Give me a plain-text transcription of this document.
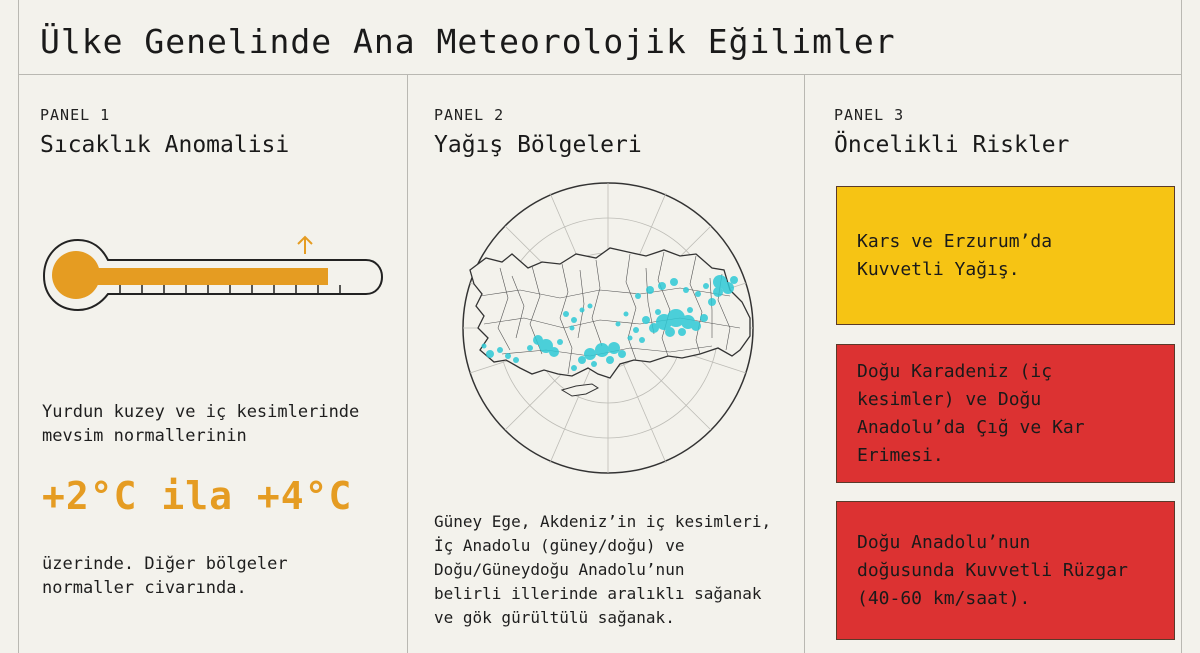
Ülke Genelinde Ana Meteorolojik Eğilimler
PANEL 1
Sıcaklık Anomalisi
Yurdun kuzey ve iç kesimlerinde
mevsim normallerinin
+2°C ila +4°C
üzerinde. Diğer bölgeler
normaller civarında.
PANEL 2
Yağış Bölgeleri
Güney Ege, Akdeniz’in iç kesimleri,
İç Anadolu (güney/doğu) ve
Doğu/Güneydoğu Anadolu’nun
belirli illerinde aralıklı sağanak
ve gök gürültülü sağanak.
PANEL 3
Öncelikli Riskler
Kars ve Erzurum’da
Kuvvetli Yağış.
Doğu Karadeniz (iç
kesimler) ve Doğu
Anadolu’da Çığ ve Kar
Erimesi.
Doğu Anadolu’nun
doğusunda Kuvvetli Rüzgar
(40-60 km/saat).
